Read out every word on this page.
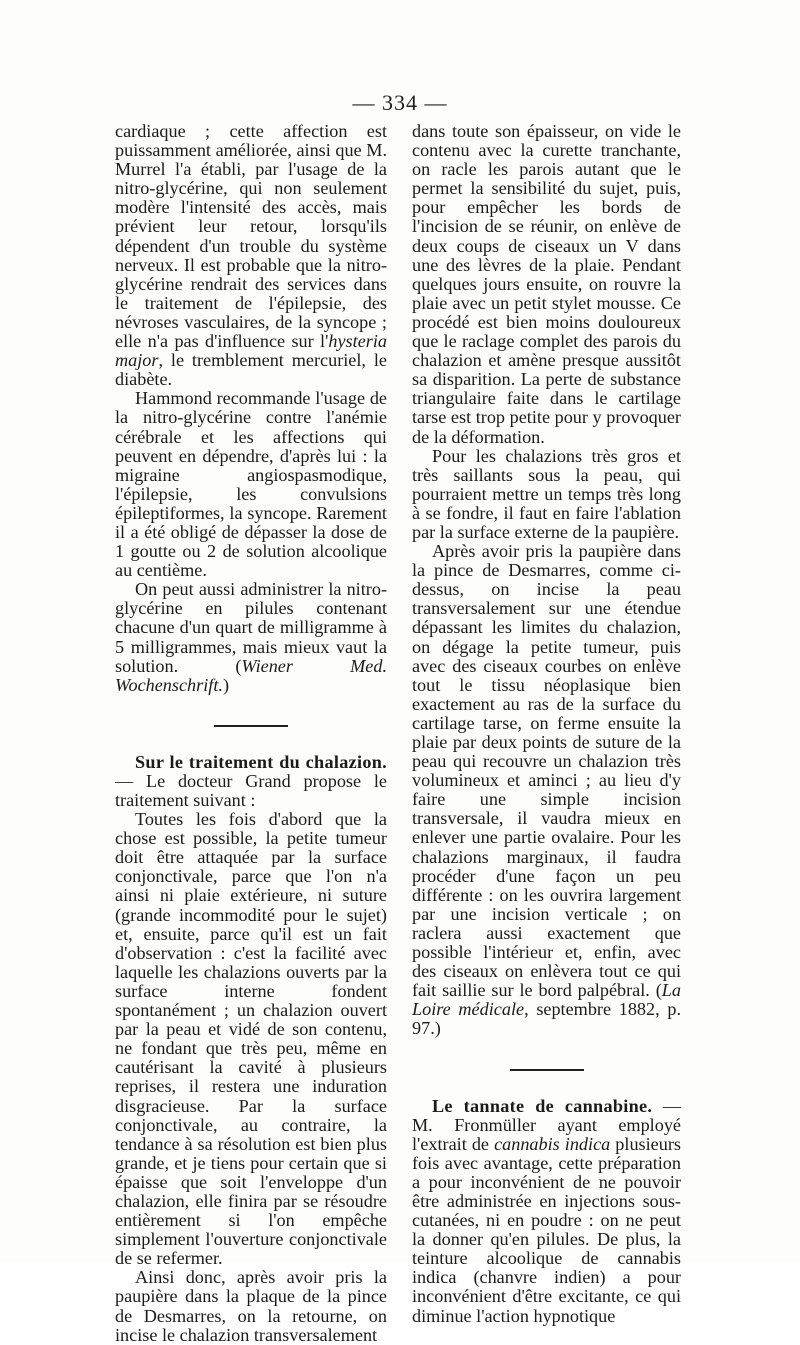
— 334 —

cardiaque ; cette affection est puissamment améliorée, ainsi que M. Murrel l'a établi, par l'usage de la nitro-glycérine, qui non seulement modère l'intensité des accès, mais prévient leur retour, lorsqu'ils dépendent d'un trouble du système nerveux. Il est probable que la nitro-glycérine rendrait des services dans le traitement de l'épilepsie, des névroses vasculaires, de la syncope ; elle n'a pas d'influence sur l'hysteria major, le tremblement mercuriel, le diabète.

Hammond recommande l'usage de la nitro-glycérine contre l'anémie cérébrale et les affections qui peuvent en dépendre, d'après lui : la migraine angiospasmodique, l'épilepsie, les convulsions épileptiformes, la syncope. Rarement il a été obligé de dépasser la dose de 1 goutte ou 2 de solution alcoolique au centième.

On peut aussi administrer la nitro-glycérine en pilules contenant chacune d'un quart de milligramme à 5 milligrammes, mais mieux vaut la solution. (Wiener Med. Wochenschrift.)

Sur le traitement du chalazion. — Le docteur Grand propose le traitement suivant :

Toutes les fois d'abord que la chose est possible, la petite tumeur doit être attaquée par la surface conjonctivale, parce que l'on n'a ainsi ni plaie extérieure, ni suture (grande incommodité pour le sujet) et, ensuite, parce qu'il est un fait d'observation : c'est la facilité avec laquelle les chalazions ouverts par la surface interne fondent spontanément ; un chalazion ouvert par la peau et vidé de son contenu, ne fondant que très peu, même en cautérisant la cavité à plusieurs reprises, il restera une induration disgracieuse. Par la surface conjonctivale, au contraire, la tendance à sa résolution est bien plus grande, et je tiens pour certain que si épaisse que soit l'enveloppe d'un chalazion, elle finira par se résoudre entièrement si l'on empêche simplement l'ouverture conjonctivale de se refermer.

Ainsi donc, après avoir pris la paupière dans la plaque de la pince de Desmarres, on la retourne, on incise le chalazion transversalement

dans toute son épaisseur, on vide le contenu avec la curette tranchante, on racle les parois autant que le permet la sensibilité du sujet, puis, pour empêcher les bords de l'incision de se réunir, on enlève de deux coups de ciseaux un V dans une des lèvres de la plaie. Pendant quelques jours ensuite, on rouvre la plaie avec un petit stylet mousse. Ce procédé est bien moins douloureux que le raclage complet des parois du chalazion et amène presque aussitôt sa disparition. La perte de substance triangulaire faite dans le cartilage tarse est trop petite pour y provoquer de la déformation.

Pour les chalazions très gros et très saillants sous la peau, qui pourraient mettre un temps très long à se fondre, il faut en faire l'ablation par la surface externe de la paupière.

Après avoir pris la paupière dans la pince de Desmarres, comme ci-dessus, on incise la peau transversalement sur une étendue dépassant les limites du chalazion, on dégage la petite tumeur, puis avec des ciseaux courbes on enlève tout le tissu néoplasique bien exactement au ras de la surface du cartilage tarse, on ferme ensuite la plaie par deux points de suture de la peau qui recouvre un chalazion très volumineux et aminci ; au lieu d'y faire une simple incision transversale, il vaudra mieux en enlever une partie ovalaire. Pour les chalazions marginaux, il faudra procéder d'une façon un peu différente : on les ouvrira largement par une incision verticale ; on raclera aussi exactement que possible l'intérieur et, enfin, avec des ciseaux on enlèvera tout ce qui fait saillie sur le bord palpébral. (La Loire médicale, septembre 1882, p. 97.)

Le tannate de cannabine. — M. Fronmüller ayant employé l'extrait de cannabis indica plusieurs fois avec avantage, cette préparation a pour inconvénient de ne pouvoir être administrée en injections sous-cutanées, ni en poudre : on ne peut la donner qu'en pilules. De plus, la teinture alcoolique de cannabis indica (chanvre indien) a pour inconvénient d'être excitante, ce qui diminue l'action hypnotique
